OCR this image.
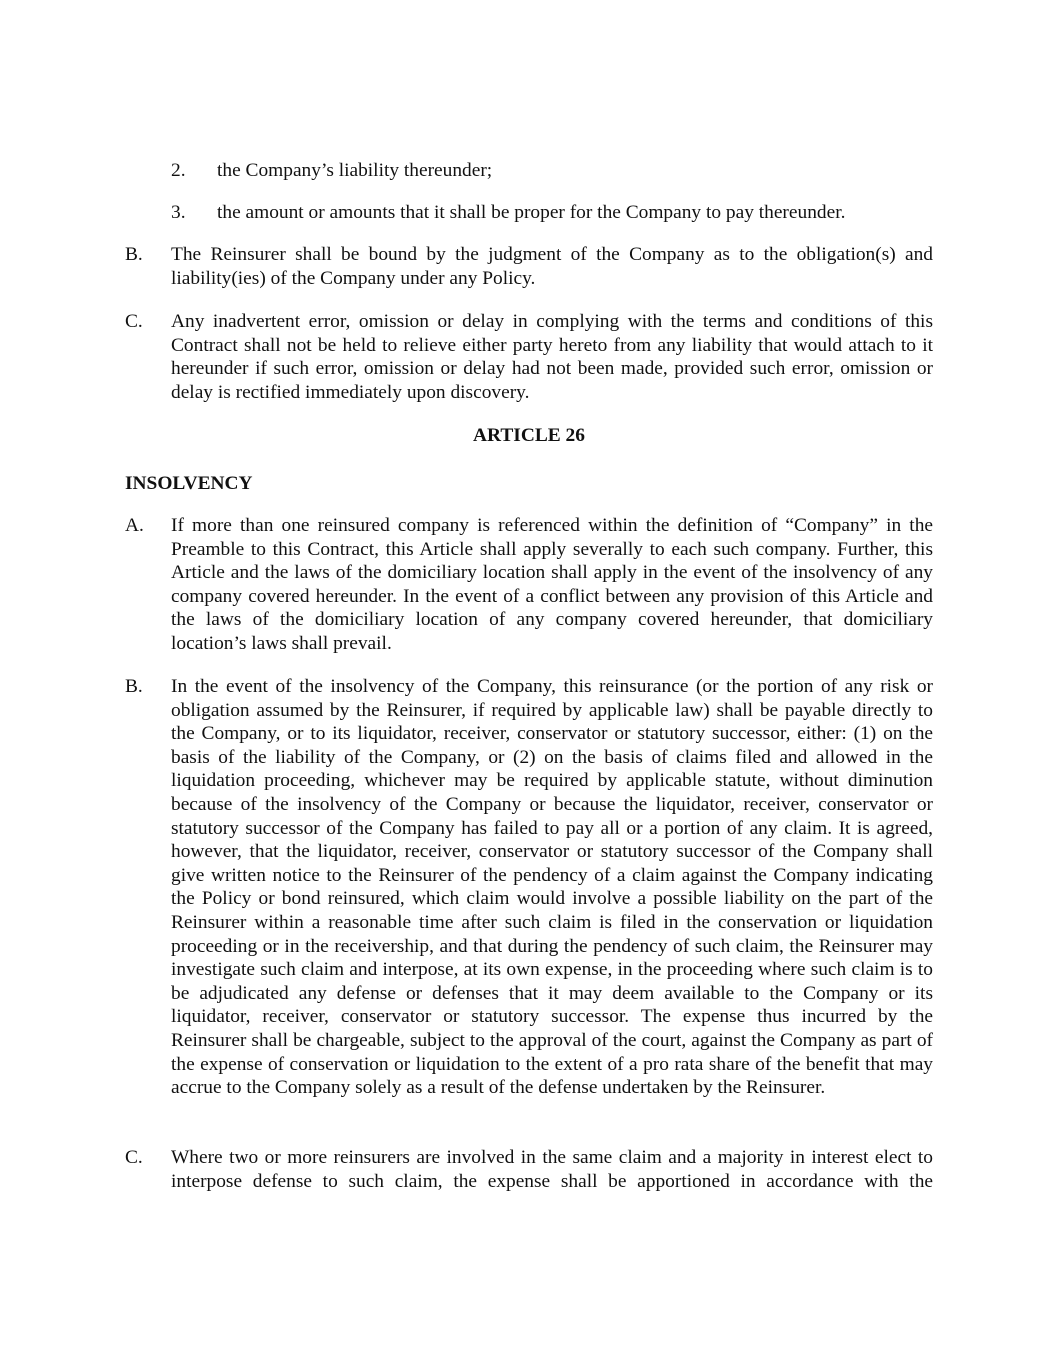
2. the Company’s liability thereunder;
3. the amount or amounts that it shall be proper for the Company to pay thereunder.
B. The Reinsurer shall be bound by the judgment of the Company as to the obligation(s) and liability(ies) of the Company under any Policy.
C. Any inadvertent error, omission or delay in complying with the terms and conditions of this Contract shall not be held to relieve either party hereto from any liability that would attach to it hereunder if such error, omission or delay had not been made, provided such error, omission or delay is rectified immediately upon discovery.
ARTICLE 26
INSOLVENCY
A. If more than one reinsured company is referenced within the definition of “Company” in the Preamble to this Contract, this Article shall apply severally to each such company. Further, this Article and the laws of the domiciliary location shall apply in the event of the insolvency of any company covered hereunder. In the event of a conflict between any provision of this Article and the laws of the domiciliary location of any company covered hereunder, that domiciliary location’s laws shall prevail.
B. In the event of the insolvency of the Company, this reinsurance (or the portion of any risk or obligation assumed by the Reinsurer, if required by applicable law) shall be payable directly to the Company, or to its liquidator, receiver, conservator or statutory successor, either: (1) on the basis of the liability of the Company, or (2) on the basis of claims filed and allowed in the liquidation proceeding, whichever may be required by applicable statute, without diminution because of the insolvency of the Company or because the liquidator, receiver, conservator or statutory successor of the Company has failed to pay all or a portion of any claim. It is agreed, however, that the liquidator, receiver, conservator or statutory successor of the Company shall give written notice to the Reinsurer of the pendency of a claim against the Company indicating the Policy or bond reinsured, which claim would involve a possible liability on the part of the Reinsurer within a reasonable time after such claim is filed in the conservation or liquidation proceeding or in the receivership, and that during the pendency of such claim, the Reinsurer may investigate such claim and interpose, at its own expense, in the proceeding where such claim is to be adjudicated any defense or defenses that it may deem available to the Company or its liquidator, receiver, conservator or statutory successor. The expense thus incurred by the Reinsurer shall be chargeable, subject to the approval of the court, against the Company as part of the expense of conservation or liquidation to the extent of a pro rata share of the benefit that may accrue to the Company solely as a result of the defense undertaken by the Reinsurer.
C. Where two or more reinsurers are involved in the same claim and a majority in interest elect to interpose defense to such claim, the expense shall be apportioned in accordance with the
